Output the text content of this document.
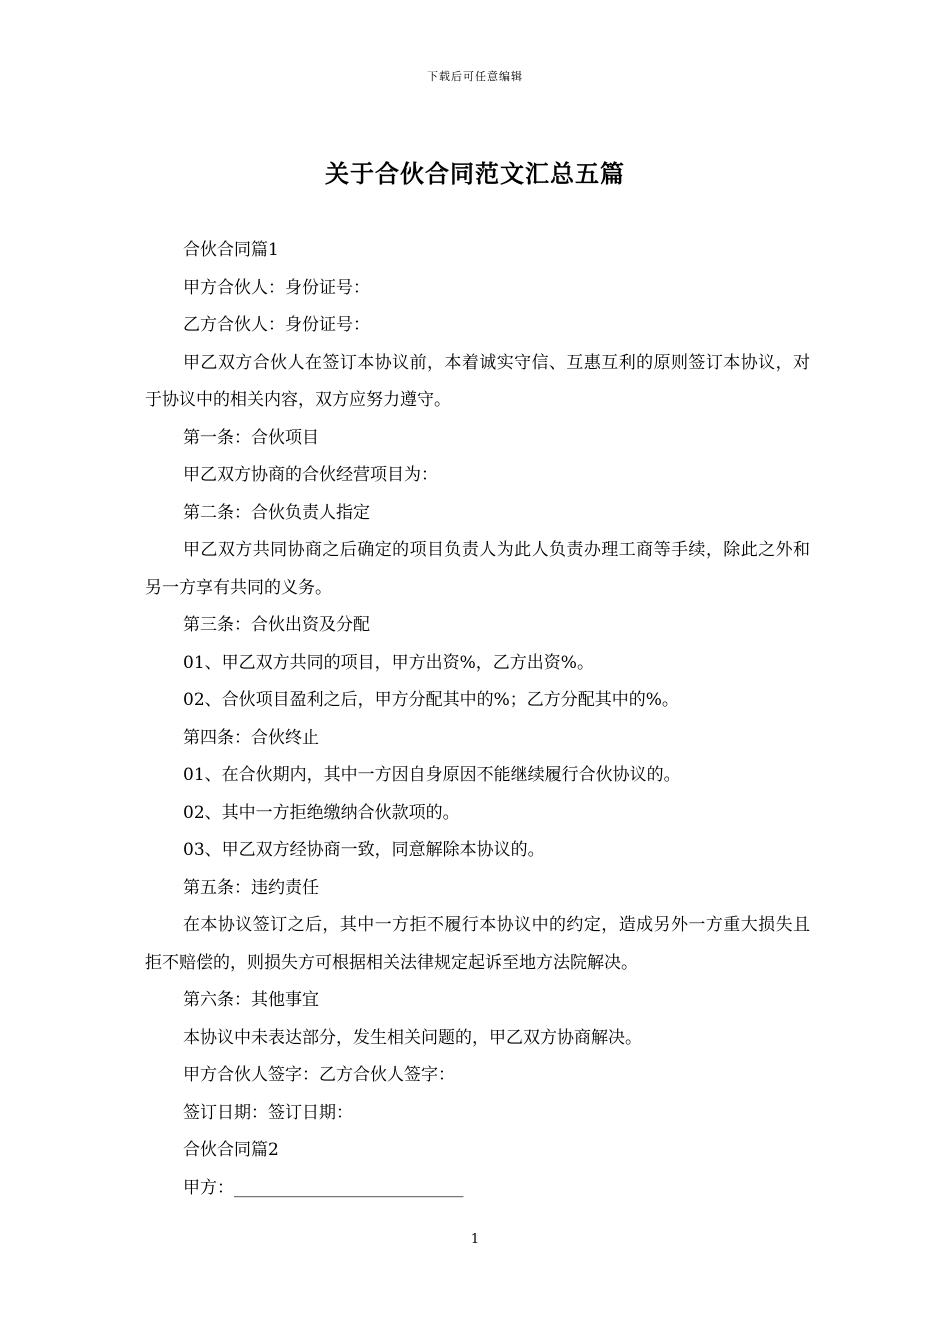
下载后可任意编辑
关于合伙合同范文汇总五篇

合伙合同篇1

甲方合伙人：身份证号：

乙方合伙人：身份证号：

甲乙双方合伙人在签订本协议前，本着诚实守信、互惠互利的原则签订本协议，对于协议中的相关内容，双方应努力遵守。

第一条：合伙项目

甲乙双方协商的合伙经营项目为：

第二条：合伙负责人指定

甲乙双方共同协商之后确定的项目负责人为此人负责办理工商等手续，除此之外和另一方享有共同的义务。

第三条：合伙出资及分配

01、甲乙双方共同的项目，甲方出资%，乙方出资%。

02、合伙项目盈利之后，甲方分配其中的%；乙方分配其中的%。

第四条：合伙终止

01、在合伙期内，其中一方因自身原因不能继续履行合伙协议的。

02、其中一方拒绝缴纳合伙款项的。

03、甲乙双方经协商一致，同意解除本协议的。

第五条：违约责任

在本协议签订之后，其中一方拒不履行本协议中的约定，造成另外一方重大损失且拒不赔偿的，则损失方可根据相关法律规定起诉至地方法院解决。

第六条：其他事宜

本协议中未表达部分，发生相关问题的，甲乙双方协商解决。

甲方合伙人签字：乙方合伙人签字：

签订日期：签订日期：

合伙合同篇2

甲方：___________________________

1
